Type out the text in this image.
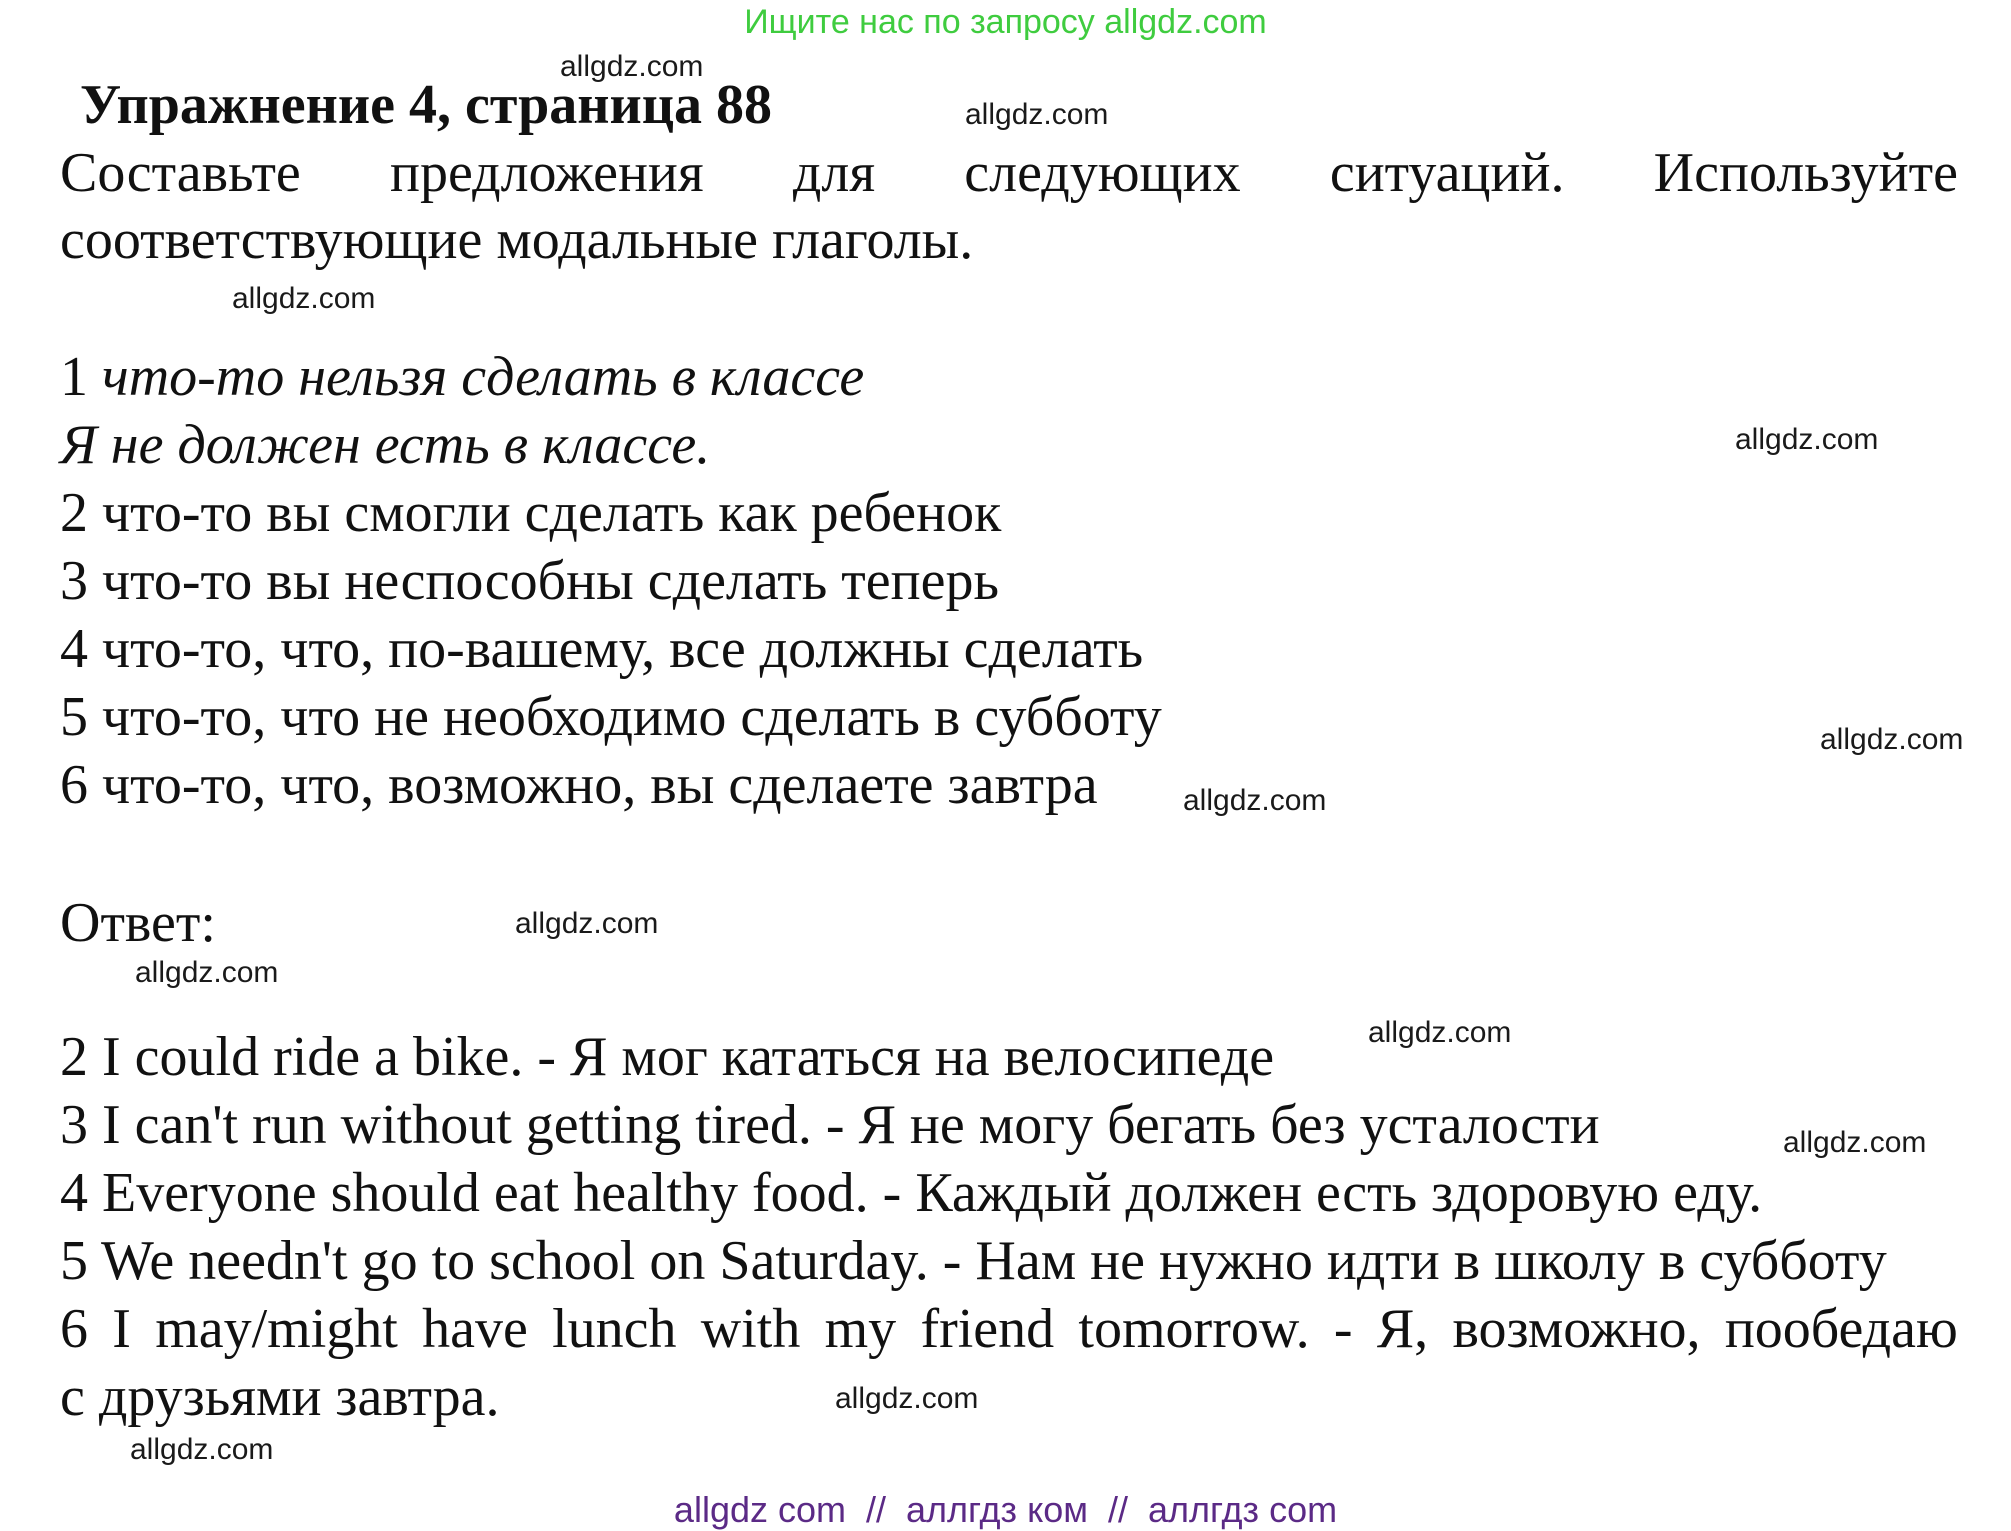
Ищите нас по запросу allgdz.com
allgdz.com
allgdz.com
allgdz.com
allgdz.com
allgdz.com
allgdz.com
allgdz.com
allgdz.com
allgdz.com
allgdz.com
allgdz.com
allgdz.com
Упражнение 4, страница 88
Составьте предложения для следующих ситуаций. Используйте
соответствующие модальные глаголы.
1 что-то нельзя сделать в классе
Я не должен есть в классе.
2 что-то вы смогли сделать как ребенок
3 что-то вы неспособны сделать теперь
4 что-то, что, по-вашему, все должны сделать
5 что-то, что не необходимо сделать в субботу
6 что-то, что, возможно, вы сделаете завтра
Ответ:
2 I could ride a bike. - Я мог кататься на велосипеде
3 I can't run without getting tired. - Я не могу бегать без усталости
4 Everyone should eat healthy food. - Каждый должен есть здоровую еду.
5 We needn't go to school on Saturday. - Нам не нужно идти в школу в субботу
6 I may/might have lunch with my friend tomorrow. - Я, возможно, пообедаю
с друзьями завтра.
allgdz com  //  аллгдз ком  //  аллгдз com
